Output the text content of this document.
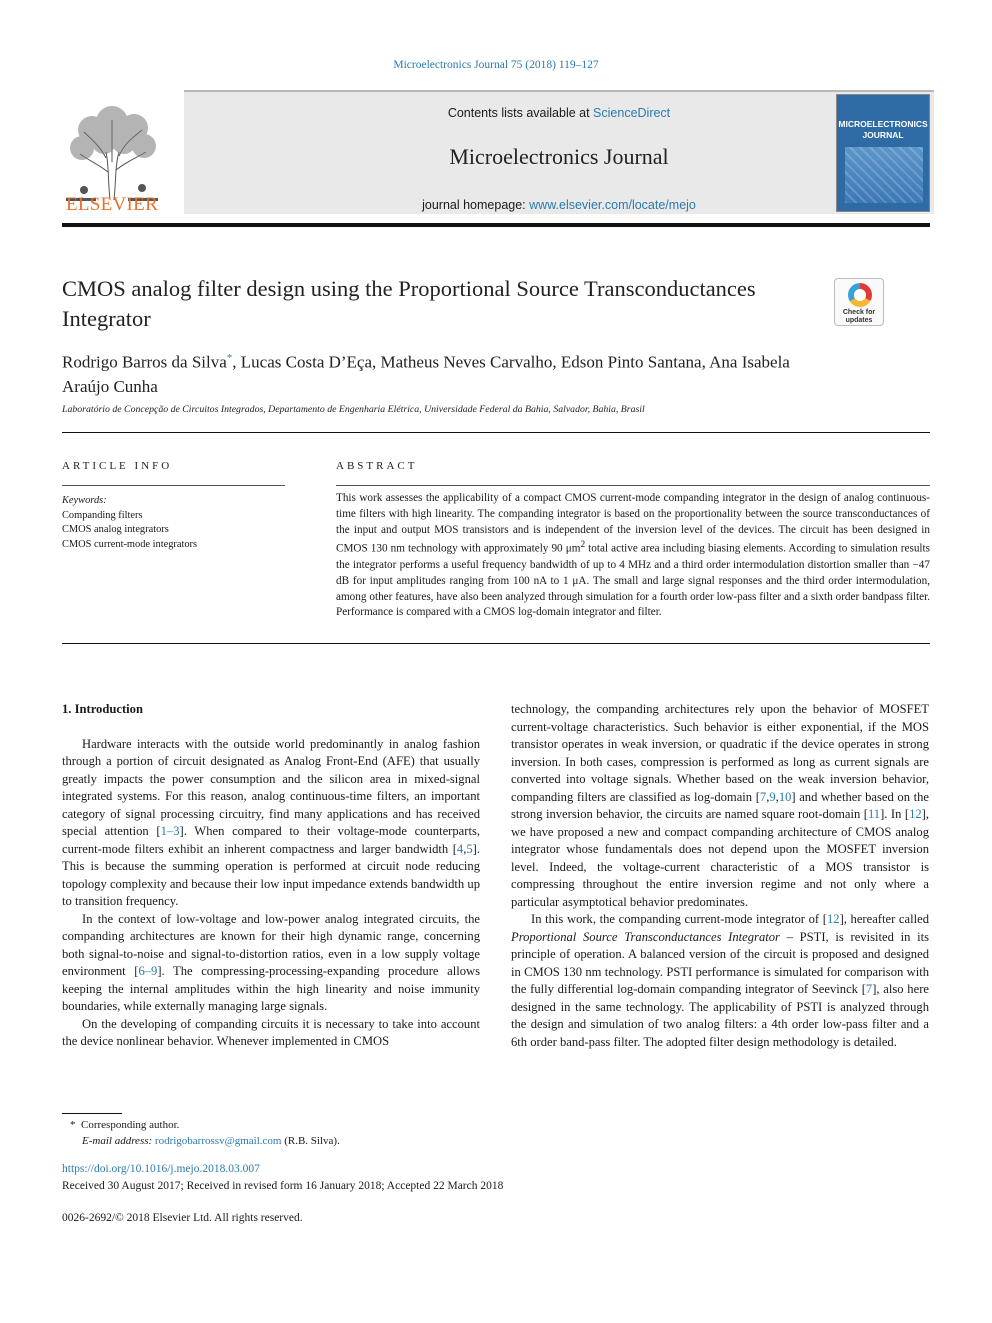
Microelectronics Journal 75 (2018) 119–127
ELSEVIER
Contents lists available at ScienceDirect
Microelectronics Journal
journal homepage: www.elsevier.com/locate/mejo
MICROELECTRONICS
JOURNAL
CMOS analog filter design using the Proportional Source Transconductances Integrator	Check for
updates
Rodrigo Barros da Silva*, Lucas Costa D’Eça, Matheus Neves Carvalho, Edson Pinto Santana, Ana Isabela Araújo Cunha
Laboratório de Concepção de Circuitos Integrados, Departamento de Engenharia Elétrica, Universidade Federal da Bahia, Salvador, Bahia, Brasil
ARTICLE INFO	ABSTRACT
Keywords:
Companding filters
CMOS analog integrators
CMOS current-mode integrators
This work assesses the applicability of a compact CMOS current-mode companding integrator in the design of analog continuous-time filters with high linearity. The companding integrator is based on the proportionality between the source transconductances of the input and output MOS transistors and is independent of the inversion level of the devices. The circuit has been designed in CMOS 130 nm technology with approximately 90 $\mu m^2$ total active area including biasing elements. According to simulation results the integrator performs a useful frequency bandwidth of up to 4 MHz and a third order intermodulation distortion smaller than −47 dB for input amplitudes ranging from 100 nA to 1 μA. The small and large signal responses and the third order intermodulation, among other features, have also been analyzed through simulation for a fourth order low-pass filter and a sixth order bandpass filter. Performance is compared with a CMOS log-domain integrator and filter.

1. Introduction

Hardware interacts with the outside world predominantly in analog fashion through a portion of circuit designated as Analog Front-End (AFE) that usually greatly impacts the power consumption and the silicon area in mixed-signal integrated systems. For this reason, analog continuous-time filters, an important category of signal processing circuitry, find many applications and has received special attention [1–3]. When compared to their voltage-mode counterparts, current-mode filters exhibit an inherent compactness and larger bandwidth [4,5]. This is because the summing operation is performed at circuit node reducing topology complexity and because their low input impedance extends bandwidth up to transition frequency.

In the context of low-voltage and low-power analog integrated circuits, the companding architectures are known for their high dynamic range, concerning both signal-to-noise and signal-to-distortion ratios, even in a low supply voltage environment [6–9]. The compressing-processing-expanding procedure allows keeping the internal amplitudes within the high linearity and noise immunity boundaries, while externally managing large signals.

On the developing of companding circuits it is necessary to take into account the device nonlinear behavior. Whenever implemented in CMOS

technology, the companding architectures rely upon the behavior of MOSFET current-voltage characteristics. Such behavior is either exponential, if the MOS transistor operates in weak inversion, or quadratic if the device operates in strong inversion. In both cases, compression is performed as long as current signals are converted into voltage signals. Whether based on the weak inversion behavior, companding filters are classified as log-domain [7,9,10] and whether based on the strong inversion behavior, the circuits are named square root-domain [11]. In [12], we have proposed a new and compact companding architecture of CMOS analog integrator whose fundamentals does not depend upon the MOSFET inversion level. Indeed, the voltage-current characteristic of a MOS transistor is compressing throughout the entire inversion regime and not only where a particular asymptotical behavior predominates.

In this work, the companding current-mode integrator of [12], hereafter called Proportional Source Transconductances Integrator – PSTI, is revisited in its principle of operation. A balanced version of the circuit is proposed and designed in CMOS 130 nm technology. PSTI performance is simulated for comparison with the fully differential log-domain companding integrator of Seevinck [7], also here designed in the same technology. The applicability of PSTI is analyzed through the design and simulation of two analog filters: a 4th order low-pass filter and a 6th order band-pass filter. The adopted filter design methodology is detailed.

* Corresponding author.
E-mail address: rodrigobarrossv@gmail.com (R.B. Silva).
https://doi.org/10.1016/j.mejo.2018.03.007
Received 30 August 2017; Received in revised form 16 January 2018; Accepted 22 March 2018
0026-2692/© 2018 Elsevier Ltd. All rights reserved.
